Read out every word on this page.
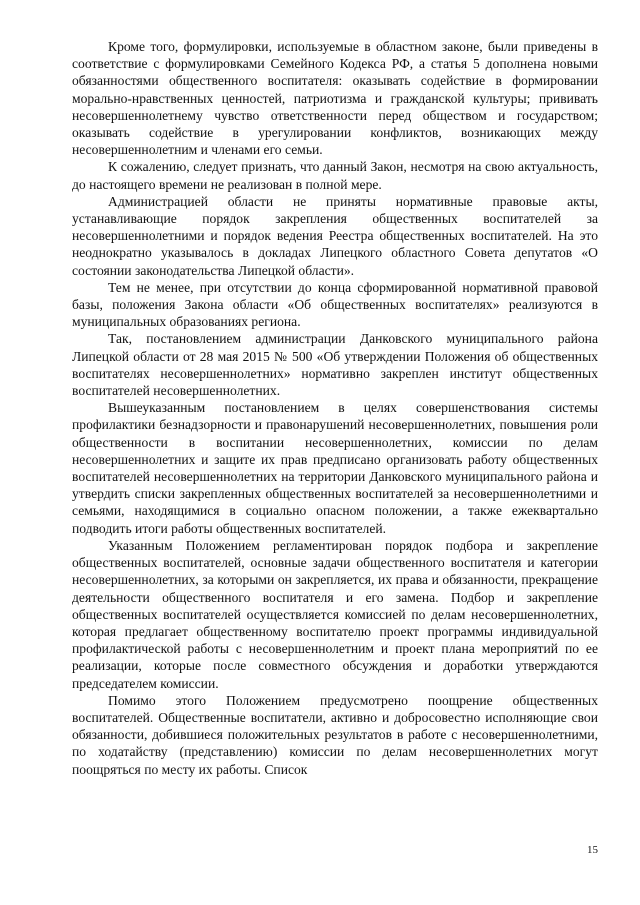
Кроме того, формулировки, используемые в областном законе, были приведены в соответствие с формулировками Семейного Кодекса РФ, а статья 5 дополнена новыми обязанностями общественного воспитателя: оказывать содействие в формировании морально-нравственных ценностей, патриотизма и гражданской культуры; прививать несовершеннолетнему чувство ответственности перед обществом и государством; оказывать содействие в урегулировании конфликтов, возникающих между несовершеннолетним и членами его семьи.

К сожалению, следует признать, что данный Закон, несмотря на свою актуальность, до настоящего времени не реализован в полной мере.

Администрацией области не приняты нормативные правовые акты, устанавливающие порядок закрепления общественных воспитателей за несовершеннолетними и порядок ведения Реестра общественных воспитателей. На это неоднократно указывалось в докладах Липецкого областного Совета депутатов «О состоянии законодательства Липецкой области».

Тем не менее, при отсутствии до конца сформированной нормативной правовой базы, положения Закона области «Об общественных воспитателях» реализуются в муниципальных образованиях региона.

Так, постановлением администрации Данковского муниципального района Липецкой области от 28 мая 2015 № 500 «Об утверждении Положения об общественных воспитателях несовершеннолетних» нормативно закреплен институт общественных воспитателей несовершеннолетних.

Вышеуказанным постановлением в целях совершенствования системы профилактики безнадзорности и правонарушений несовершеннолетних, повышения роли общественности в воспитании несовершеннолетних, комиссии по делам несовершеннолетних и защите их прав предписано организовать работу общественных воспитателей несовершеннолетних на территории Данковского муниципального района и утвердить списки закрепленных общественных воспитателей за несовершеннолетними и семьями, находящимися в социально опасном положении, а также ежеквартально подводить итоги работы общественных воспитателей.

Указанным Положением регламентирован порядок подбора и закрепление общественных воспитателей, основные задачи общественного воспитателя и категории несовершеннолетних, за которыми он закрепляется, их права и обязанности, прекращение деятельности общественного воспитателя и его замена. Подбор и закрепление общественных воспитателей осуществляется комиссией по делам несовершеннолетних, которая предлагает общественному воспитателю проект программы индивидуальной профилактической работы с несовершеннолетним и проект плана мероприятий по ее реализации, которые после совместного обсуждения и доработки утверждаются председателем комиссии.

Помимо этого Положением предусмотрено поощрение общественных воспитателей. Общественные воспитатели, активно и добросовестно исполняющие свои обязанности, добившиеся положительных результатов в работе с несовершеннолетними, по ходатайству (представлению) комиссии по делам несовершеннолетних могут поощряться по месту их работы. Список

15
